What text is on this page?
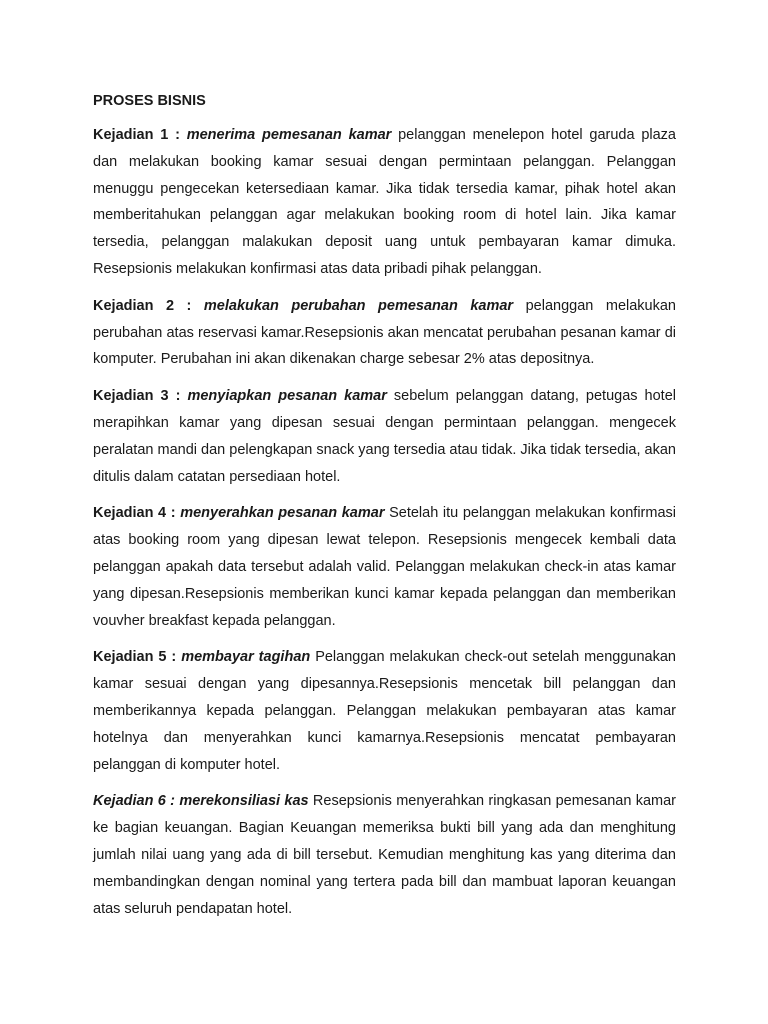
PROSES BISNIS

Kejadian 1 : menerima pemesanan kamar pelanggan menelepon hotel garuda plaza dan melakukan booking kamar sesuai dengan permintaan pelanggan. Pelanggan menuggu pengecekan ketersediaan kamar. Jika tidak tersedia kamar, pihak hotel akan memberitahukan pelanggan agar melakukan booking room di hotel lain. Jika kamar tersedia, pelanggan malakukan deposit uang untuk pembayaran kamar dimuka. Resepsionis melakukan konfirmasi atas data pribadi pihak pelanggan.

Kejadian 2 : melakukan perubahan pemesanan kamar pelanggan melakukan perubahan atas reservasi kamar.Resepsionis akan mencatat perubahan pesanan kamar di komputer. Perubahan ini akan dikenakan charge sebesar 2% atas depositnya.

Kejadian 3 : menyiapkan pesanan kamar sebelum pelanggan datang, petugas hotel merapihkan kamar yang dipesan sesuai dengan permintaan pelanggan. mengecek peralatan mandi dan pelengkapan snack yang tersedia atau tidak. Jika tidak tersedia, akan ditulis dalam catatan persediaan hotel.

Kejadian 4 : menyerahkan pesanan kamar Setelah itu pelanggan melakukan konfirmasi atas booking room yang dipesan lewat telepon. Resepsionis mengecek kembali data pelanggan apakah data tersebut adalah valid. Pelanggan melakukan check-in atas kamar yang dipesan.Resepsionis memberikan kunci kamar kepada pelanggan dan memberikan vouvher breakfast kepada pelanggan.

Kejadian 5 : membayar tagihan Pelanggan melakukan check-out setelah menggunakan kamar sesuai dengan yang dipesannya.Resepsionis mencetak bill pelanggan dan memberikannya kepada pelanggan. Pelanggan melakukan pembayaran atas kamar hotelnya dan menyerahkan kunci kamarnya.Resepsionis mencatat pembayaran pelanggan di komputer hotel.

Kejadian 6 : merekonsiliasi kas Resepsionis menyerahkan ringkasan pemesanan kamar ke bagian keuangan. Bagian Keuangan memeriksa bukti bill yang ada dan menghitung jumlah nilai uang yang ada di bill tersebut. Kemudian menghitung kas yang diterima dan membandingkan dengan nominal yang tertera pada bill dan mambuat laporan keuangan atas seluruh pendapatan hotel.
